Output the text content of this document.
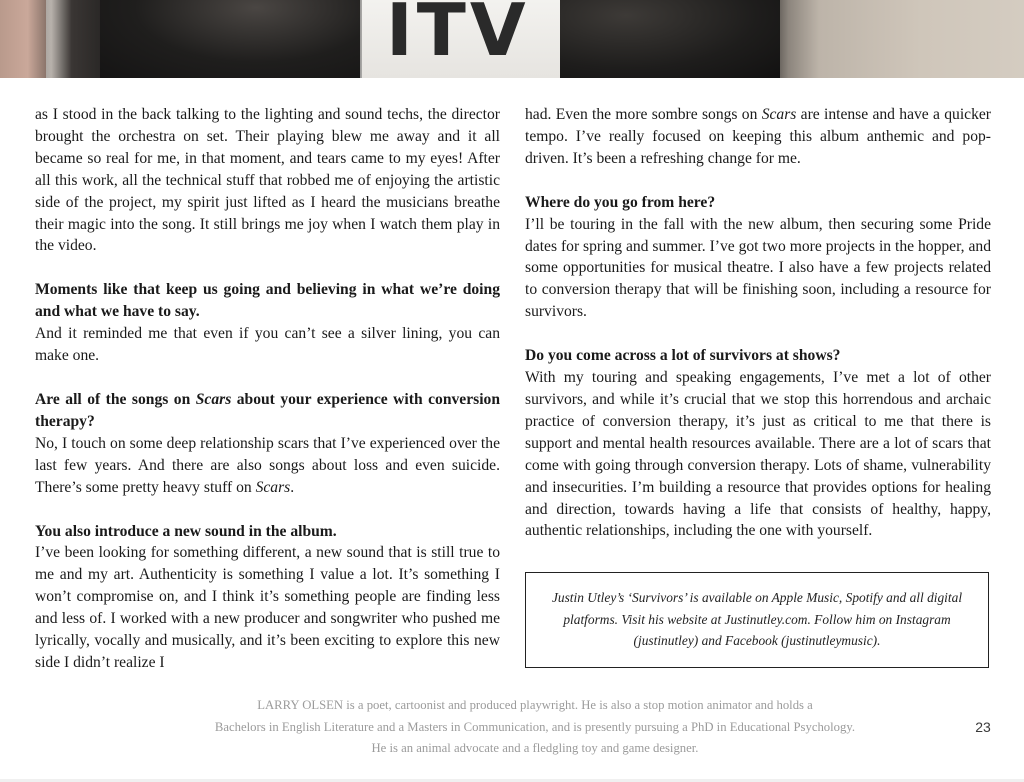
ITV

as I stood in the back talking to the lighting and sound techs, the director brought the orchestra on set. Their playing blew me away and it all became so real for me, in that moment, and tears came to my eyes! After all this work, all the technical stuff that robbed me of enjoying the artistic side of the project, my spirit just lifted as I heard the musicians breathe their magic into the song. It still brings me joy when I watch them play in the video.

Moments like that keep us going and believing in what we’re doing and what we have to say.

And it reminded me that even if you can’t see a silver lining, you can make one.

Are all of the songs on Scars about your experience with conversion therapy?

No, I touch on some deep relationship scars that I’ve experienced over the last few years. And there are also songs about loss and even suicide. There’s some pretty heavy stuff on Scars.

You also introduce a new sound in the album.

I’ve been looking for something different, a new sound that is still true to me and my art. Authenticity is something I value a lot. It’s something I won’t compromise on, and I think it’s something people are finding less and less of. I worked with a new producer and songwriter who pushed me lyrically, vocally and musically, and it’s been exciting to explore this new side I didn’t realize I

had. Even the more sombre songs on Scars are intense and have a quicker tempo. I’ve really focused on keeping this album anthemic and pop-driven. It’s been a refreshing change for me.

Where do you go from here?

I’ll be touring in the fall with the new album, then securing some Pride dates for spring and summer. I’ve got two more projects in the hopper, and some opportunities for musical theatre. I also have a few projects related to conversion therapy that will be finishing soon, including a resource for survivors.

Do you come across a lot of survivors at shows?

With my touring and speaking engagements, I’ve met a lot of other survivors, and while it’s crucial that we stop this horrendous and archaic practice of conversion therapy, it’s just as critical to me that there is support and mental health resources available. There are a lot of scars that come with going through conversion therapy. Lots of shame, vulnerability and insecurities. I’m building a resource that provides options for healing and direction, towards having a life that consists of healthy, happy, authentic relationships, including the one with yourself.

Justin Utley’s ‘Survivors’ is available on Apple Music, Spotify and all digital platforms. Visit his website at Justinutley.com. Follow him on Instagram (justinutley) and Facebook (justinutleymusic).

LARRY OLSEN is a poet, cartoonist and produced playwright. He is also a stop motion animator and holds a

Bachelors in English Literature and a Masters in Communication, and is presently pursuing a PhD in Educational Psychology.

He is an animal advocate and a fledgling toy and game designer.

23
